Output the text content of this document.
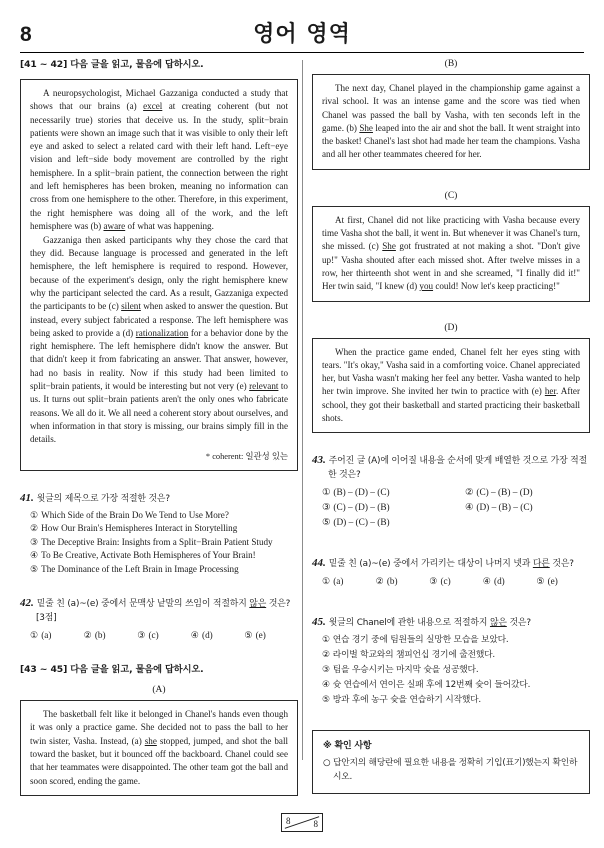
8	영어 영역
[41 ~ 42] 다음 글을 읽고, 물음에 답하시오.

A neuropsychologist, Michael Gazzaniga conducted a study that shows that our brains (a) excel at creating coherent (but not necessarily true) stories that deceive us. In the study, split−brain patients were shown an image such that it was visible to only their left eye and asked to select a related card with their left hand. Left−eye vision and left−side body movement are controlled by the right hemisphere. In a split−brain patient, the connection between the right and left hemispheres has been broken, meaning no information can cross from one hemisphere to the other. Therefore, in this experiment, the right hemisphere was doing all of the work, and the left hemisphere was (b) aware of what was happening.

Gazzaniga then asked participants why they chose the card that they did. Because language is processed and generated in the left hemisphere, the left hemisphere is required to respond. However, because of the experiment's design, only the right hemisphere knew why the participant selected the card. As a result, Gazzaniga expected the participants to be (c) silent when asked to answer the question. But instead, every subject fabricated a response. The left hemisphere was being asked to provide a (d) rationalization for a behavior done by the right hemisphere. The left hemisphere didn't know the answer. But that didn't keep it from fabricating an answer. That answer, however, had no basis in reality. Now if this study had been limited to split−brain patients, it would be interesting but not very (e) relevant to us. It turns out split−brain patients aren't the only ones who fabricate reasons. We all do it. We all need a coherent story about ourselves, and when information in that story is missing, our brains simply fill in the details.

* coherent: 일관성 있는

41. 윗글의 제목으로 가장 적절한 것은?
① Which Side of the Brain Do We Tend to Use More?
② How Our Brain's Hemispheres Interact in Storytelling
③ The Deceptive Brain: Insights from a Split−Brain Patient Study
④ To Be Creative, Activate Both Hemispheres of Your Brain!
⑤ The Dominance of the Left Brain in Image Processing
42. 밑줄 친 (a)~(e) 중에서 문맥상 낱말의 쓰임이 적절하지 않은 것은? [3점]
① (a)	② (b)	③ (c)	④ (d)	⑤ (e)
[43 ~ 45] 다음 글을 읽고, 물음에 답하시오.
(A)

The basketball felt like it belonged in Chanel's hands even though it was only a practice game. She decided not to pass the ball to her twin sister, Vasha. Instead, (a) she stopped, jumped, and shot the ball toward the basket, but it bounced off the backboard. Chanel could see that her teammates were disappointed. The other team got the ball and soon scored, ending the game.

(B)

The next day, Chanel played in the championship game against a rival school. It was an intense game and the score was tied when Chanel was passed the ball by Vasha, with ten seconds left in the game. (b) She leaped into the air and shot the ball. It went straight into the basket! Chanel's last shot had made her team the champions. Vasha and all her other teammates cheered for her.

(C)

At first, Chanel did not like practicing with Vasha because every time Vasha shot the ball, it went in. But whenever it was Chanel's turn, she missed. (c) She got frustrated at not making a shot. "Don't give up!" Vasha shouted after each missed shot. After twelve misses in a row, her thirteenth shot went in and she screamed, "I finally did it!" Her twin said, "I knew (d) you could! Now let's keep practicing!"

(D)

When the practice game ended, Chanel felt her eyes sting with tears. "It's okay," Vasha said in a comforting voice. Chanel appreciated her, but Vasha wasn't making her feel any better. Vasha wanted to help her twin improve. She invited her twin to practice with (e) her. After school, they got their basketball and started practicing their basketball shots.

43. 주어진 글 (A)에 이어질 내용을 순서에 맞게 배열한 것으로 가장 적절한 것은?
① (B) – (D) – (C)	② (C) – (B) – (D)
③ (C) – (D) – (B)	④ (D) – (B) – (C)
⑤ (D) – (C) – (B)
44. 밑줄 친 (a)~(e) 중에서 가리키는 대상이 나머지 넷과 다른 것은?
① (a)	② (b)	③ (c)	④ (d)	⑤ (e)
45. 윗글의 Chanel에 관한 내용으로 적절하지 않은 것은?
① 연습 경기 중에 팀원들의 실망한 모습을 보았다.
② 라이벌 학교와의 챔피언십 경기에 출전했다.
③ 팀을 우승시키는 마지막 슛을 성공했다.
④ 슛 연습에서 연이은 실패 후에 12번째 슛이 들어갔다.
⑤ 방과 후에 농구 슛을 연습하기 시작했다.
※ 확인 사항

○ 답안지의 해당란에 필요한 내용을 정확히 기입(표기)했는지 확인하시오.

8	8
